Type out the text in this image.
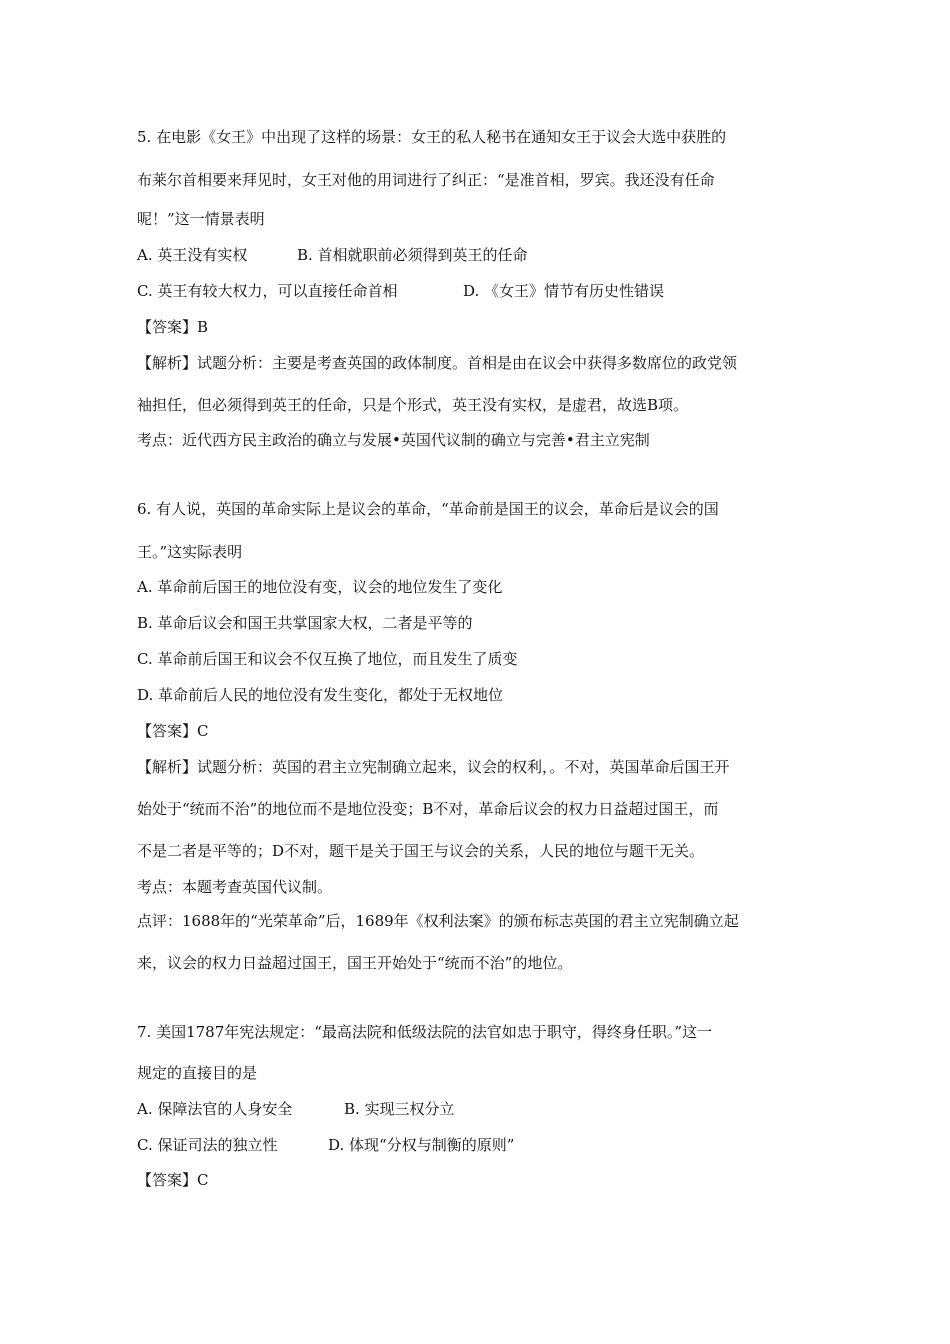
5. 在电影《女王》中出现了这样的场景：女王的私人秘书在通知女王于议会大选中获胜的
布莱尔首相要来拜见时，女王对他的用词进行了纠正：“是准首相，罗宾。我还没有任命
呢！”这一情景表明
A. 英王没有实权	B. 首相就职前必须得到英王的任命
C. 英王有较大权力，可以直接任命首相	D. 《女王》情节有历史性错误
【答案】B
【解析】试题分析：主要是考查英国的政体制度。首相是由在议会中获得多数席位的政党领
袖担任，但必须得到英王的任命，只是个形式，英王没有实权，是虚君，故选B项。
考点：近代西方民主政治的确立与发展•英国代议制的确立与完善•君主立宪制
6. 有人说，英国的革命实际上是议会的革命，“革命前是国王的议会，革命后是议会的国
王。”这实际表明
A. 革命前后国王的地位没有变，议会的地位发生了变化
B. 革命后议会和国王共掌国家大权，二者是平等的
C. 革命前后国王和议会不仅互换了地位，而且发生了质变
D. 革命前后人民的地位没有发生变化，都处于无权地位
【答案】C
【解析】试题分析：英国的君主立宪制确立起来，议会的权利，。不对，英国革命后国王开
始处于“统而不治”的地位而不是地位没变；B不对，革命后议会的权力日益超过国王，而
不是二者是平等的；D不对，题干是关于国王与议会的关系，人民的地位与题干无关。
考点：本题考查英国代议制。
点评：1688年的“光荣革命”后，1689年《权利法案》的颁布标志英国的君主立宪制确立起
来，议会的权力日益超过国王，国王开始处于“统而不治”的地位。
7. 美国1787年宪法规定：“最高法院和低级法院的法官如忠于职守，得终身任职。”这一
规定的直接目的是
A. 保障法官的人身安全	B. 实现三权分立
C. 保证司法的独立性	D. 体现“分权与制衡的原则”
【答案】C
